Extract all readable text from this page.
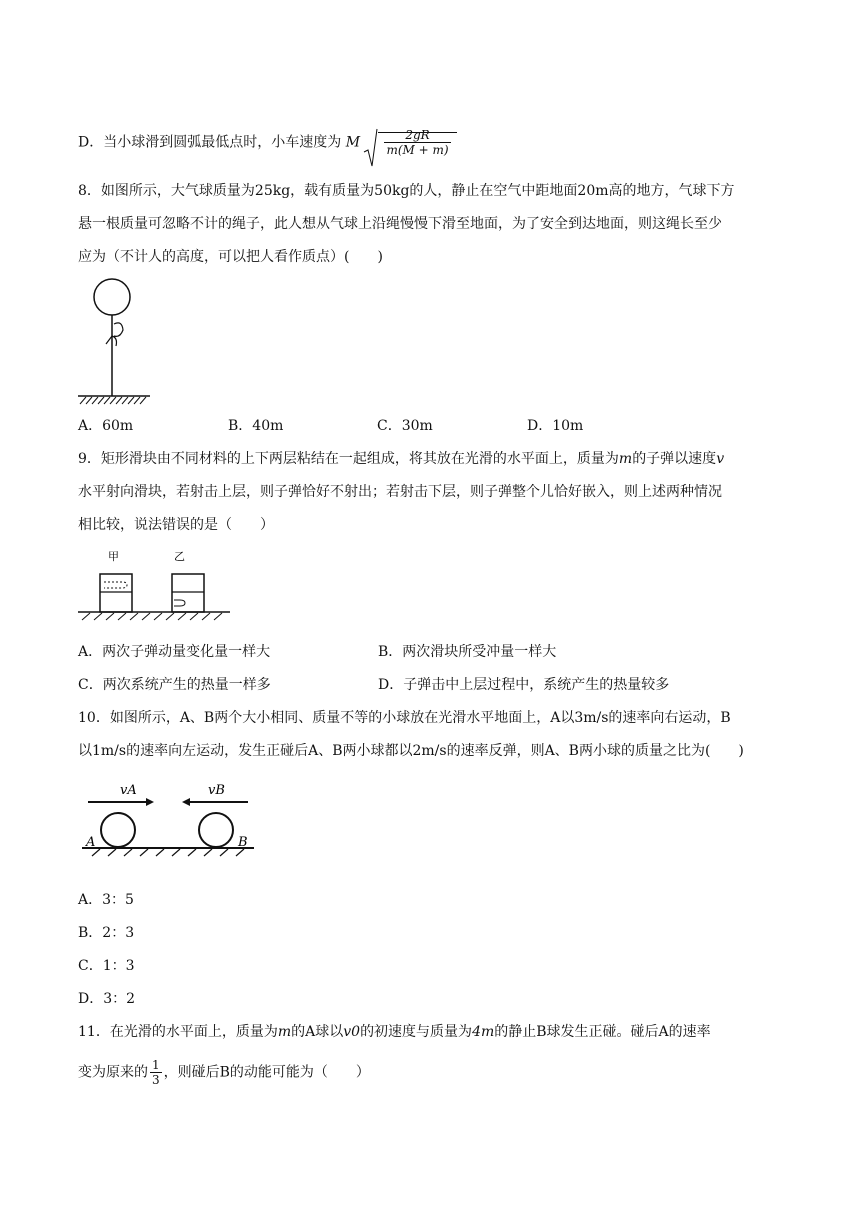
D．当小球滑到圆弧最低点时，小车速度为 M $\frac{2gR}{m(M + m)}$
8．如图所示，大气球质量为25kg，载有质量为50kg的人，静止在空气中距地面20m高的地方，气球下方
悬一根质量可忽略不计的绳子，此人想从气球上沿绳慢慢下滑至地面，为了安全到达地面，则这绳长至少
应为（不计人的高度，可以把人看作质点）(　　)
A．60m	B．40m	C．30m	D．10m
9．矩形滑块由不同材料的上下两层粘结在一起组成，将其放在光滑的水平面上，质量为m的子弹以速度v
水平射向滑块，若射击上层，则子弹恰好不射出；若射击下层，则子弹整个儿恰好嵌入，则上述两种情况
相比较，说法错误的是（　　）
甲	乙
A．两次子弹动量变化量一样大	B．两次滑块所受冲量一样大
C．两次系统产生的热量一样多	D．子弹击中上层过程中，系统产生的热量较多
10．如图所示，A、B两个大小相同、质量不等的小球放在光滑水平地面上，A以3m/s的速率向右运动，B
以1m/s的速率向左运动，发生正碰后A、B两小球都以2m/s的速率反弹，则A、B两小球的质量之比为(　　)
vA	vB
A	B
A．3：5
B．2：3
C．1：3
D．3：2
11．在光滑的水平面上，质量为m的A球以v0的初速度与质量为4m的静止B球发生正碰。碰后A的速率
变为原来的 $\frac{1}{3}$ ，则碰后B的动能可能为（　　）
